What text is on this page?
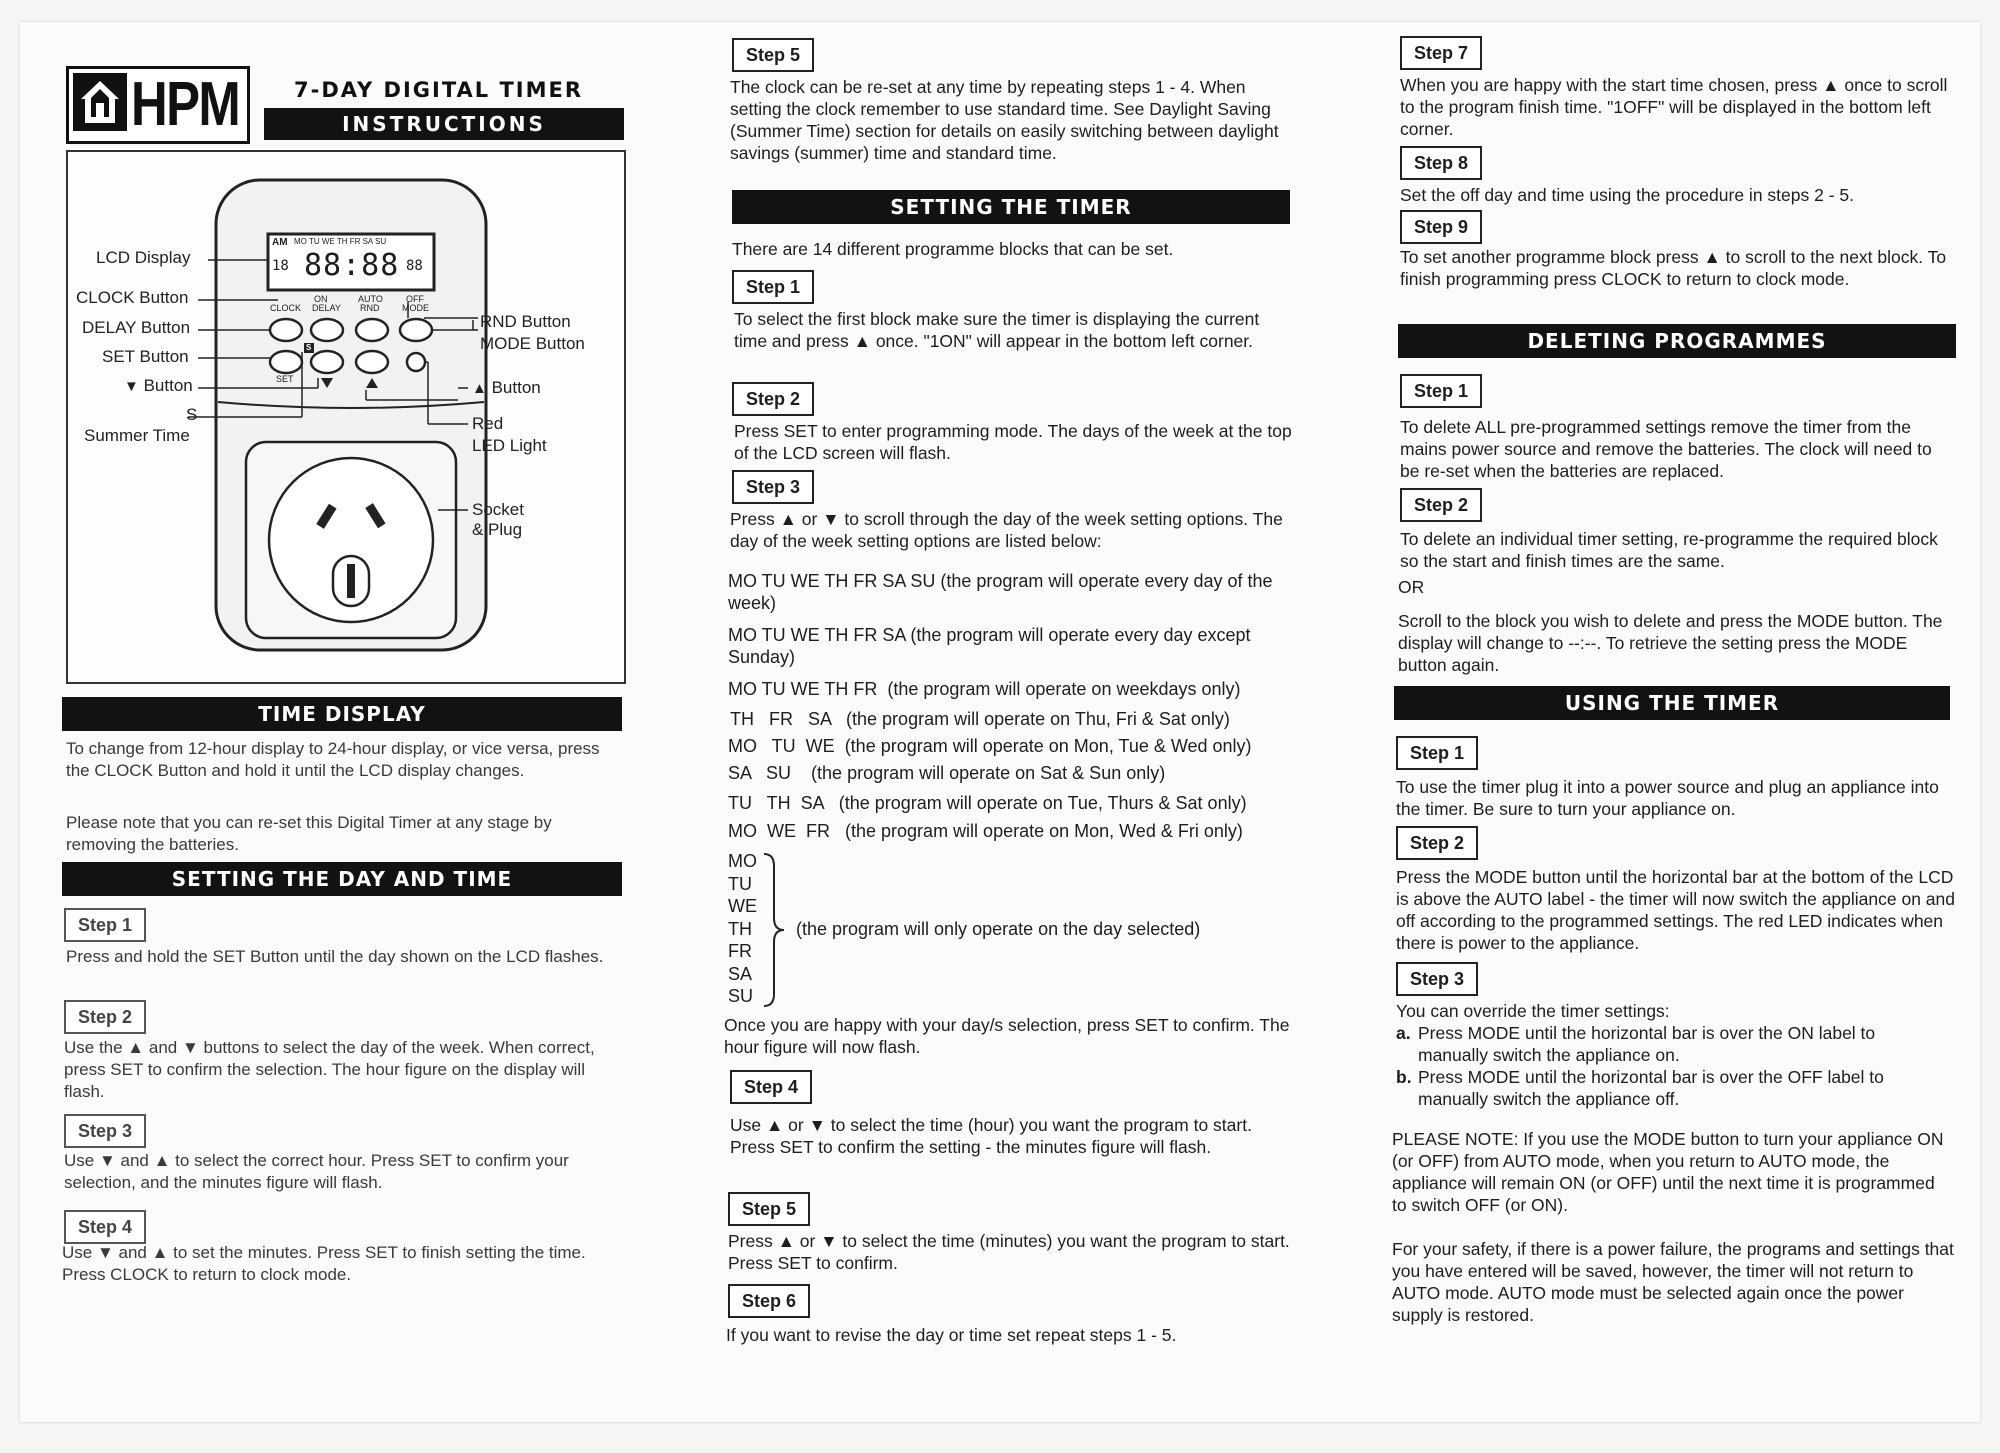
HPM	7-DAY DIGITAL TIMER
INSTRUCTIONS
AM MO TU WE TH FR SA SU
18 88:88 88
CLOCK
ON
DELAY
AUTO
RND
OFF
MODE
SET
S
LCD Display
CLOCK Button
DELAY Button
SET Button
▼ Button
S
Summer Time
RND Button
MODE Button
▲ Button
Red
LED Light
Socket
& Plug
TIME DISPLAY
To change from 12-hour display to 24-hour display, or vice versa, press the CLOCK Button and hold it until the LCD display changes.
Please note that you can re-set this Digital Timer at any stage by removing the batteries.
SETTING THE DAY AND TIME
Step 1
Press and hold the SET Button until the day shown on the LCD flashes.
Step 2
Use the ▲ and ▼ buttons to select the day of the week. When correct, press SET to confirm the selection. The hour figure on the display will flash.
Step 3
Use ▼ and ▲ to select the correct hour. Press SET to confirm your selection, and the minutes figure will flash.
Step 4
Use ▼ and ▲ to set the minutes. Press SET to finish setting the time. Press CLOCK to return to clock mode.
Step 5
The clock can be re-set at any time by repeating steps 1 - 4. When setting the clock remember to use standard time. See Daylight Saving (Summer Time) section for details on easily switching between daylight savings (summer) time and standard time.
SETTING THE TIMER
There are 14 different programme blocks that can be set.
Step 1
To select the first block make sure the timer is displaying the current time and press ▲ once. "1ON" will appear in the bottom left corner.
Step 2
Press SET to enter programming mode. The days of the week at the top of the LCD screen will flash.
Step 3
Press ▲ or ▼ to scroll through the day of the week setting options. The day of the week setting options are listed below:
MO TU WE TH FR SA SU (the program will operate every day of the week)
MO TU WE TH FR SA (the program will operate every day except Sunday)
MO TU WE TH FR (the program will operate on weekdays only)
TH   FR   SA (the program will operate on Thu, Fri & Sat only)
MO   TU  WE (the program will operate on Mon, Tue & Wed only)
SA   SU (the program will operate on Sat & Sun only)
TU   TH  SA (the program will operate on Tue, Thurs & Sat only)
MO  WE  FR (the program will operate on Mon, Wed & Fri only)
MO
TU
WE
TH
FR
SA
SU
(the program will only operate on the day selected)
Once you are happy with your day/s selection, press SET to confirm. The hour figure will now flash.
Step 4
Use ▲ or ▼ to select the time (hour) you want the program to start. Press SET to confirm the setting - the minutes figure will flash.
Step 5
Press ▲ or ▼ to select the time (minutes) you want the program to start. Press SET to confirm.
Step 6
If you want to revise the day or time set repeat steps 1 - 5.
Step 7
When you are happy with the start time chosen, press ▲ once to scroll to the program finish time. "1OFF" will be displayed in the bottom left corner.
Step 8
Set the off day and time using the procedure in steps 2 - 5.
Step 9
To set another programme block press ▲ to scroll to the next block. To finish programming press CLOCK to return to clock mode.
DELETING PROGRAMMES
Step 1
To delete ALL pre-programmed settings remove the timer from the mains power source and remove the batteries. The clock will need to be re-set when the batteries are replaced.
Step 2
To delete an individual timer setting, re-programme the required block so the start and finish times are the same.
OR
Scroll to the block you wish to delete and press the MODE button. The display will change to --:--. To retrieve the setting press the MODE button again.
USING THE TIMER
Step 1
To use the timer plug it into a power source and plug an appliance into the timer. Be sure to turn your appliance on.
Step 2
Press the MODE button until the horizontal bar at the bottom of the LCD is above the AUTO label - the timer will now switch the appliance on and off according to the programmed settings. The red LED indicates when there is power to the appliance.
Step 3
You can override the timer settings:
a. Press MODE until the horizontal bar is over the ON label to manually switch the appliance on.
b. Press MODE until the horizontal bar is over the OFF label to manually switch the appliance off.
PLEASE NOTE: If you use the MODE button to turn your appliance ON (or OFF) from AUTO mode, when you return to AUTO mode, the appliance will remain ON (or OFF) until the next time it is programmed to switch OFF (or ON).
For your safety, if there is a power failure, the programs and settings that you have entered will be saved, however, the timer will not return to AUTO mode. AUTO mode must be selected again once the power supply is restored.
